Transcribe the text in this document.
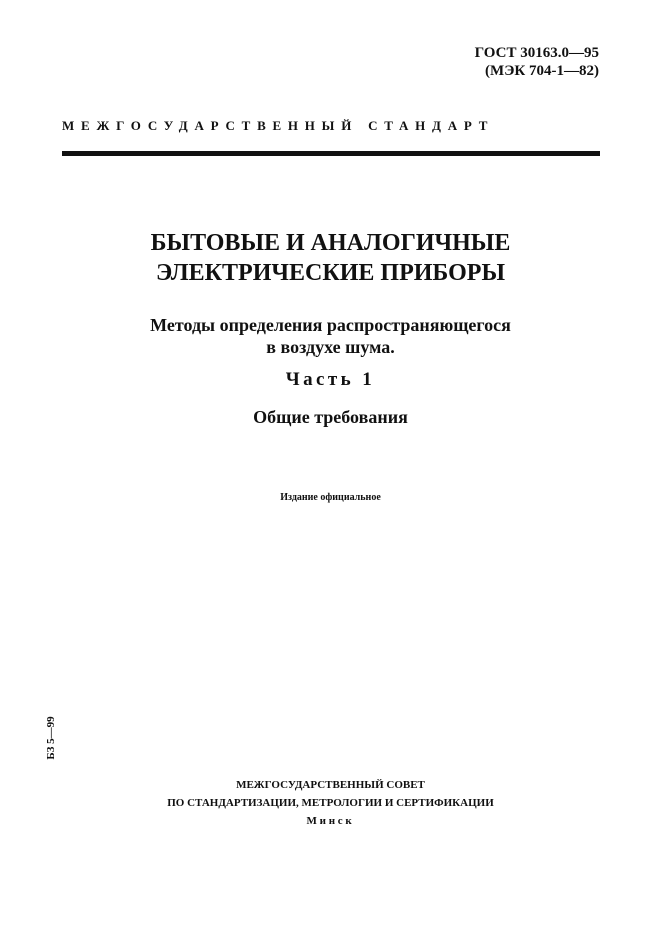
ГОСТ 30163.0—95
(МЭК 704-1—82)
МЕЖГОСУДАРСТВЕННЫЙ СТАНДАРТ
БЫТОВЫЕ И АНАЛОГИЧНЫЕ
ЭЛЕКТРИЧЕСКИЕ ПРИБОРЫ
Методы определения распространяющегося
в воздухе шума.
Часть 1
Общие требования
Издание официальное
БЗ 5—99
МЕЖГОСУДАРСТВЕННЫЙ СОВЕТ
ПО СТАНДАРТИЗАЦИИ, МЕТРОЛОГИИ И СЕРТИФИКАЦИИ
Минск
